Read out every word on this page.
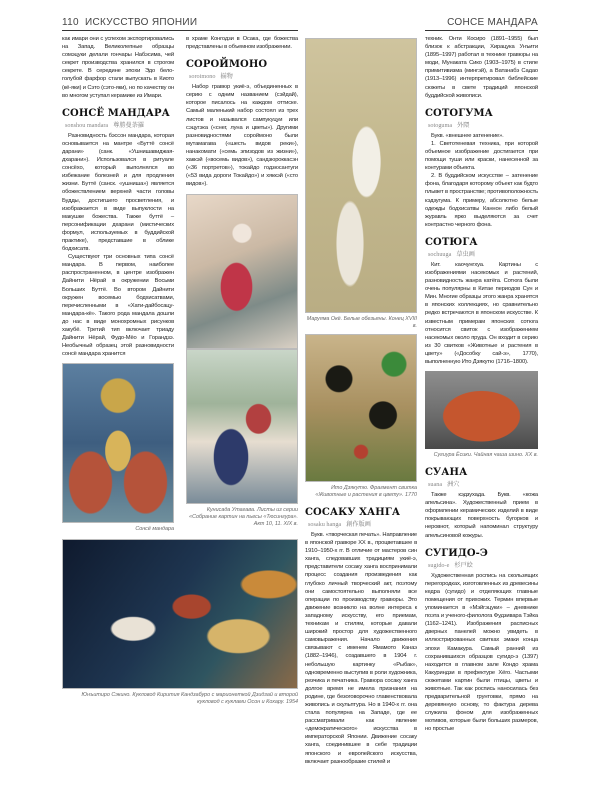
110 ИСКУССТВО ЯПОНИИ	СОНСЕ МАНДАРА

как имари они с успехом экспортировались на Запад. Великолепные образцы сомэцуки делали гончары Набэсима, чей секрет производства хранился в строгом секрете. В середине эпохи Эдо бело-голубой фарфор стали выпускать в Киото (кё-яки) и Сэто (сэто-яки), но по качеству он во многом уступал керамике из Имари.

СОНСЁ МАНДАРА
sonshou mandara 尊勝曼荼羅

Разновидность бэссон мандара, которая основывается на мантре «Буттё сонсё дарани» (санк. «Ушнишавиджая-дхарани»). Использовался в ритуале сонсёхо, который выполнялся во избежание болезней и для продления жизни. Буттё (санск. «ушниша») является обожествлением верхней части головы Будды, достигшего просветления, и изображается в виде выпуклости на макушке божества. Также буттё – персонификации дхарани (мистических формул, используемых в буддийской практике), представшие в облике бодхисатв.

Существуют три основных типа сонсё мандара. В первом, наиболее распространенном, в центре изображен Дайнити Нёрай в окружении Восьми Больших Буттё. Во втором Дайнити окружен восемью бодхисатвами, перечисленными в «Хати-дайбосацу-мандара-кё». Такого рода мандала дошли до нас в виде монохромных рисунков хакубё. Третий тип включает триаду Дайнити Нёрай, Фудо-Мёо и Горандзэ. Необычный образец этой разновидности сонсё мандара хранится

Сонсё мандара

в храме Конгодзи в Осака, где божества представлены в объемном изображении.

СОРОЙМОНО
soroimono 揃物

Набор гравюр укиё-э, объединенных в серию с одним названием (сэйдай), которое писалось на каждом оттиске. Самый маленький набор состоял из трех листов и назывался сампукуцуи или сэцугэка («снег, луна и цветы»). Другими разновидностями сороймоно были мутамагава («шесть видов реки»), нанакомати («семь эпизодов из жизни»), хаккэй («восемь видов»), сандзюроккасэн («36 портретов»), токайдо годзюсантуги («53 вида дороги Токайдо») и хяккэй («сто видов»).

Кунисада Утагава. Листы из серии «Собрание картин на пьесы «Тюсингура». Акт 10, 11. XIX в.
Юнъитиро Сэкино. Кукловод Кирития Кандзабуро с марионеткой Дзидзай и второй кукловод с куклами Осон и Кохару. 1954
Маруяма Окё. Белые обезьяны. Конец XVIII в.
Ито Дзякутю. Фрагмент свитка «Животные и растения в цвету». 1770
СОСАКУ ХАНГА
sosaku hanga 創作版画

Букв. «творческая печать». Направление в японской гравюре XX в., процветавшее в 1910–1950-х гг. В отличие от мастеров син ханга, следовавших традициям укиё-э, представители сосаку ханга воспринимали процесс создания произведения как глубоко личный творческий акт, поэтому они самостоятельно выполняли все операции по производству гравюры. Это движение возникло на волне интереса к западному искусству, его приемам, техникам и стилям, которые давали широкий простор для художественного самовыражения. Начало движения связывают с именем Ямамото Канаэ (1882–1946), создавшего в 1904 г. небольшую картинку «Рыбак», одновременно выступив в роли художника, резчика и печатника. Гравюра сосаку ханга долгое время не имела признания на родине, где безоговорочно главенствовала живопись и скульптура. Но в 1940-х гг. она стала популярна на Западе, где ее рассматривали как явление «демократического» искусства в императорской Японии. Движение сосаку ханга, соединившее в себе традиции японского и европейского искусства, включает разнообразие стилей и

техник. Онти Косиро (1891–1955) был близок к абстракции, Хирацука Унъити (1895–1997) работал в технике гравюры на моди, Мунаката Сико (1903–1975) в стиле примитивизма (мингэй), а Ватанабэ Садао (1913–1996) интерпретировал библейские сюжеты в свете традиций японской буддийской живописи.

СОТОГУМА
sotoguma 外隈

Букв. «внешнее затенение».

1. Светотеневая техника, при которой объемное изображение достигается при помощи туши или краски, нанесенной за контурами объекта.

2. В буддийском искусстве – затенение фона, благодаря которому объект как будто плывет в пространстве; противоположность кэдзугума. К примеру, абсолютно белые одежды бодхисатвы Каннон либо белый журавль ярко выделяются за счет контрастно черного фона.

СОТЮГА
sochuuga 草虫画

Кит. каочунгхуа. Картины с изображениями насекомых и растений, разновидность жанра катёга. Сотюга были очень популярны в Китае периодов Сун и Мин. Многие образцы этого жанра хранятся в японских коллекциях, но сравнительно редко встречаются в японском искусстве. К известным примерам японских сотюга относится свиток с изображением насекомых около пруда. Он входит в серию из 30 свитков «Животные и растения в цвету» («Дособку сай-э», 1770), выполненную Ито Дзякутю (1716–1800).

Сугиура Ёсики. Чайная чаша шино. XX в.
СУАНА
suana 洲穴

Также кэдзухада. Букв. «кожа апельсина». Художественный прием в оформлении керамических изделий в виде покрывающих поверхность бугорков и неровнот, который напоминал структуру апельсиновой кожуры.

СУГИДО-Э
sugido-e 杉戸絵

Художественная роспись на скользящих перегородках, изготовленных из древесины кедра (сугидо) и отделяющих главные помещения от прихожих. Термин впервые упоминается в «Мэйгэцуки» – дневнике поэта и ученого-филолога Фудзивара Тэйка (1162–1241). Изображения расписных дверных панелей можно увидеть в иллюстрированных свитках эмаки конца эпохи Камакура. Самый ранний из сохранившихся образцов сугидо-э (1397) находится в главном зале Кондо храма Какуриндзи в префектуре Хёго. Частыми сюжетами картин были птицы, цветы и животные. Так как роспись наносилась без предварительной грунтовки, прямо на деревянную основу, то фактура дерева служила фоном для изображенных мотивов, которые были больших размеров, но простые
